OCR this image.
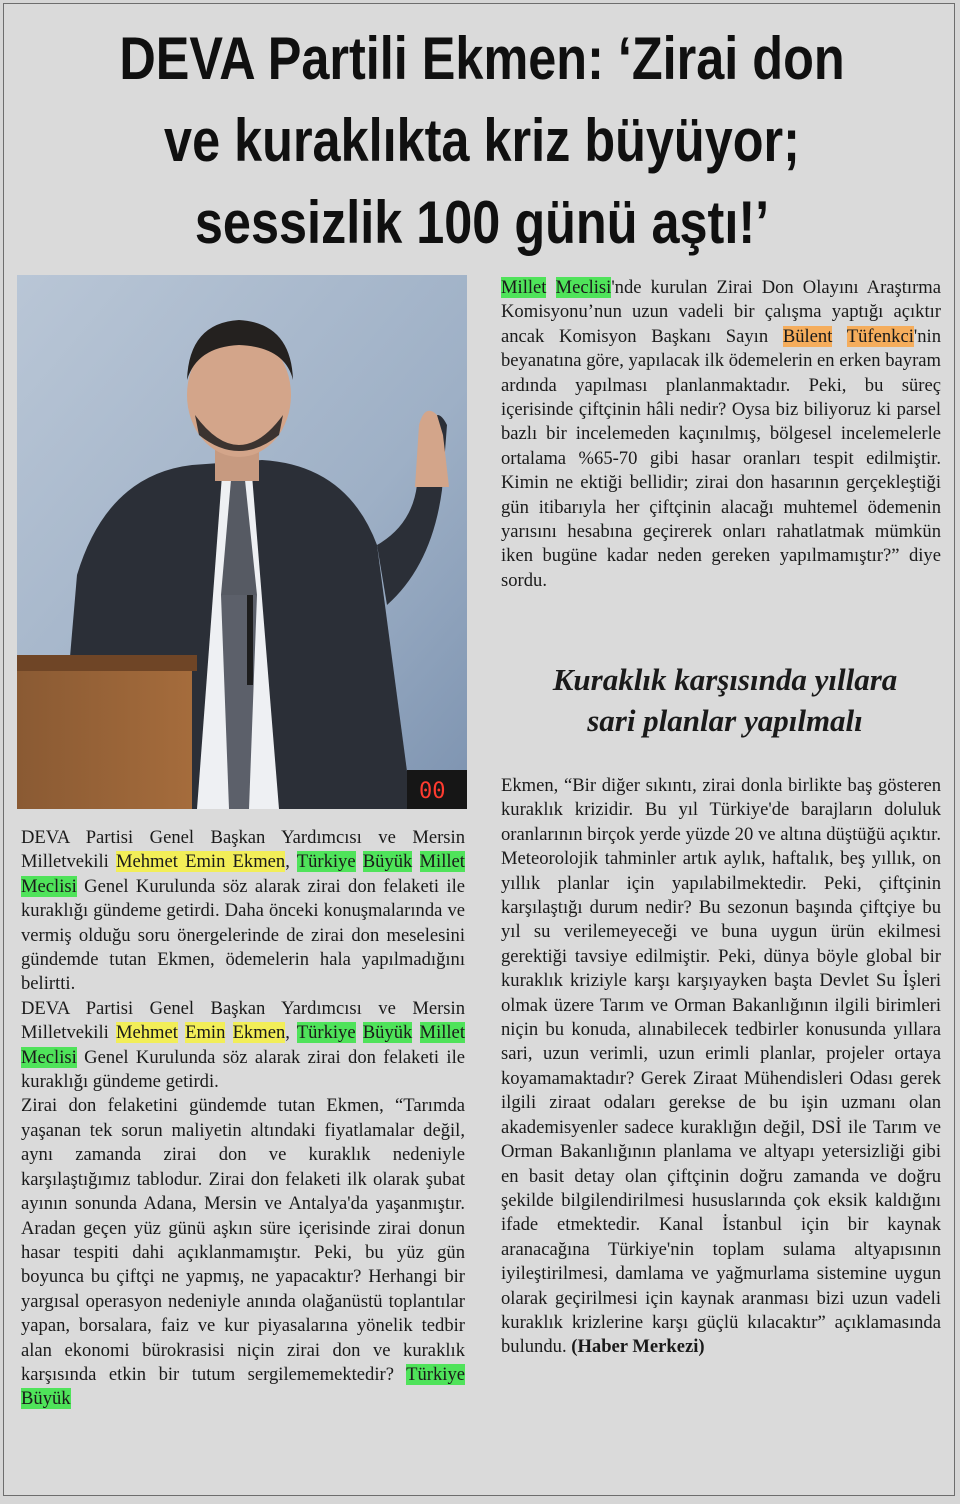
DEVA Partili Ekmen: ‘Zirai don
ve kuraklıkta kriz büyüyor;
sessizlik 100 günü aştı!’
00

Millet Meclisi'nde kurulan Zirai Don Olayını Araştırma Komisyonu’nun uzun vadeli bir çalışma yaptığı açıktır ancak Komisyon Başkanı Sayın Bülent Tüfenkci'nin beyanatına göre, yapılacak ilk ödemelerin en erken bayram ardında yapılması planlanmaktadır. Peki, bu süreç içerisinde çiftçinin hâli nedir? Oysa biz biliyoruz ki parsel bazlı bir incelemeden kaçınılmış, bölgesel incelemelerle ortalama %65-70 gibi hasar oranları tespit edilmiştir. Kimin ne ektiği bellidir; zirai don hasarının gerçekleştiği gün itibarıyla her çiftçinin alacağı muhtemel ödemenin yarısını hesabına geçirerek onları rahatlatmak mümkün iken bugüne kadar neden gereken yapılmamıştır?” diye sordu.

Kuraklık karşısında yıllara
sari planlar yapılmalı

Ekmen, “Bir diğer sıkıntı, zirai donla birlikte baş gösteren kuraklık krizidir. Bu yıl Türkiye'de barajların doluluk oranlarının birçok yerde yüzde 20 ve altına düştüğü açıktır. Meteorolojik tahminler artık aylık, haftalık, beş yıllık, on yıllık planlar için yapılabilmektedir. Peki, çiftçinin karşılaştığı durum nedir? Bu sezonun başında çiftçiye bu yıl su verilemeyeceği ve buna uygun ürün ekilmesi gerektiği tavsiye edilmiştir. Peki, dünya böyle global bir kuraklık kriziyle karşı karşıyayken başta Devlet Su İşleri olmak üzere Tarım ve Orman Bakanlığının ilgili birimleri niçin bu konuda, alınabilecek tedbirler konusunda yıllara sari, uzun verimli, uzun erimli planlar, projeler ortaya koyamamaktadır? Gerek Ziraat Mühendisleri Odası gerek ilgili ziraat odaları gerekse de bu işin uzmanı olan akademisyenler sadece kuraklığın değil, DSİ ile Tarım ve Orman Bakanlığının planlama ve altyapı yetersizliği gibi en basit detay olan çiftçinin doğru zamanda ve doğru şekilde bilgilendirilmesi hususlarında çok eksik kaldığını ifade etmektedir. Kanal İstanbul için bir kaynak aranacağına Türkiye'nin toplam sulama altyapısının iyileştirilmesi, damlama ve yağmurlama sistemine uygun olarak geçirilmesi için kaynak aranması bizi uzun vadeli kuraklık krizlerine karşı güçlü kılacaktır” açıklamasında bulundu. (Haber Merkezi)

DEVA Partisi Genel Başkan Yardımcısı ve Mersin Milletvekili Mehmet Emin Ekmen, Türkiye Büyük Millet Meclisi Genel Kurulunda söz alarak zirai don felaketi ile kuraklığı gündeme getirdi. Daha önceki konuşmalarında ve vermiş olduğu soru önergelerinde de zirai don meselesini gündemde tutan Ekmen, ödemelerin hala yapılmadığını belirtti.

DEVA Partisi Genel Başkan Yardımcısı ve Mersin Milletvekili Mehmet Emin Ekmen, Türkiye Büyük Millet Meclisi Genel Kurulunda söz alarak zirai don felaketi ile kuraklığı gündeme getirdi.

Zirai don felaketini gündemde tutan Ekmen, “Tarımda yaşanan tek sorun maliyetin altındaki fiyatlamalar değil, aynı zamanda zirai don ve kuraklık nedeniyle karşılaştığımız tablodur. Zirai don felaketi ilk olarak şubat ayının sonunda Adana, Mersin ve Antalya'da yaşanmıştır. Aradan geçen yüz günü aşkın süre içerisinde zirai donun hasar tespiti dahi açıklanmamıştır. Peki, bu yüz gün boyunca bu çiftçi ne yapmış, ne yapacaktır? Herhangi bir yargısal operasyon nedeniyle anında olağanüstü toplantılar yapan, borsalara, faiz ve kur piyasalarına yönelik tedbir alan ekonomi bürokrasisi niçin zirai don ve kuraklık karşısında etkin bir tutum sergilememektedir? Türkiye Büyük
